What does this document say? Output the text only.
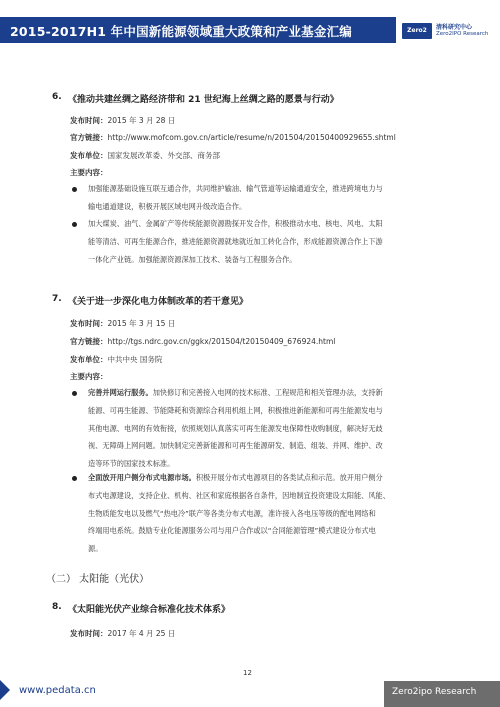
2015-2017H1 年中国新能源领域重大政策和产业基金汇编	Zero2	清科研究中心
Zero2IPO Research
6. 《推动共建丝绸之路经济带和 21 世纪海上丝绸之路的愿景与行动》
发布时间：2015 年 3 月 28 日
官方链接：http://www.mofcom.gov.cn/article/resume/n/201504/20150400929655.shtml
发布单位：国家发展改革委、外交部、商务部
主要内容：
加强能源基础设施互联互通合作，共同维护输油、输气管道等运输通道安全，推进跨境电力与
输电通道建设，积极开展区域电网升级改造合作。
加大煤炭、油气、金属矿产等传统能源资源勘探开发合作，积极推动水电、核电、风电、太阳
能等清洁、可再生能源合作，推进能源资源就地就近加工转化合作，形成能源资源合作上下游
一体化产业链。加强能源资源深加工技术、装备与工程服务合作。
7. 《关于进一步深化电力体制改革的若干意见》
发布时间：2015 年 3 月 15 日
官方链接：http://tgs.ndrc.gov.cn/ggkx/201504/t20150409_676924.html
发布单位：中共中央 国务院
主要内容：
完善并网运行服务。加快修订和完善接入电网的技术标准、工程规范和相关管理办法，支持新
能源、可再生能源、节能降耗和资源综合利用机组上网，积极推进新能源和可再生能源发电与
其他电源、电网的有效衔接，依照规划认真落实可再生能源发电保障性收购制度，解决好无歧
视、无障碍上网问题。加快制定完善新能源和可再生能源研发、制造、组装、并网、维护、改
造等环节的国家技术标准。
全面放开用户侧分布式电源市场。积极开展分布式电源项目的各类试点和示范。放开用户侧分
布式电源建设，支持企业、机构、社区和家庭根据各自条件，因地制宜投资建设太阳能、风能、
生物质能发电以及燃气“热电冷”联产等各类分布式电源，准许接入各电压等级的配电网络和
终端用电系统。鼓励专业化能源服务公司与用户合作或以“合同能源管理”模式建设分布式电
源。
（二） 太阳能（光伏）
8. 《太阳能光伏产业综合标准化技术体系》
发布时间：2017 年 4 月 25 日
12
www.pedata.cn	Zero2ipo Research
